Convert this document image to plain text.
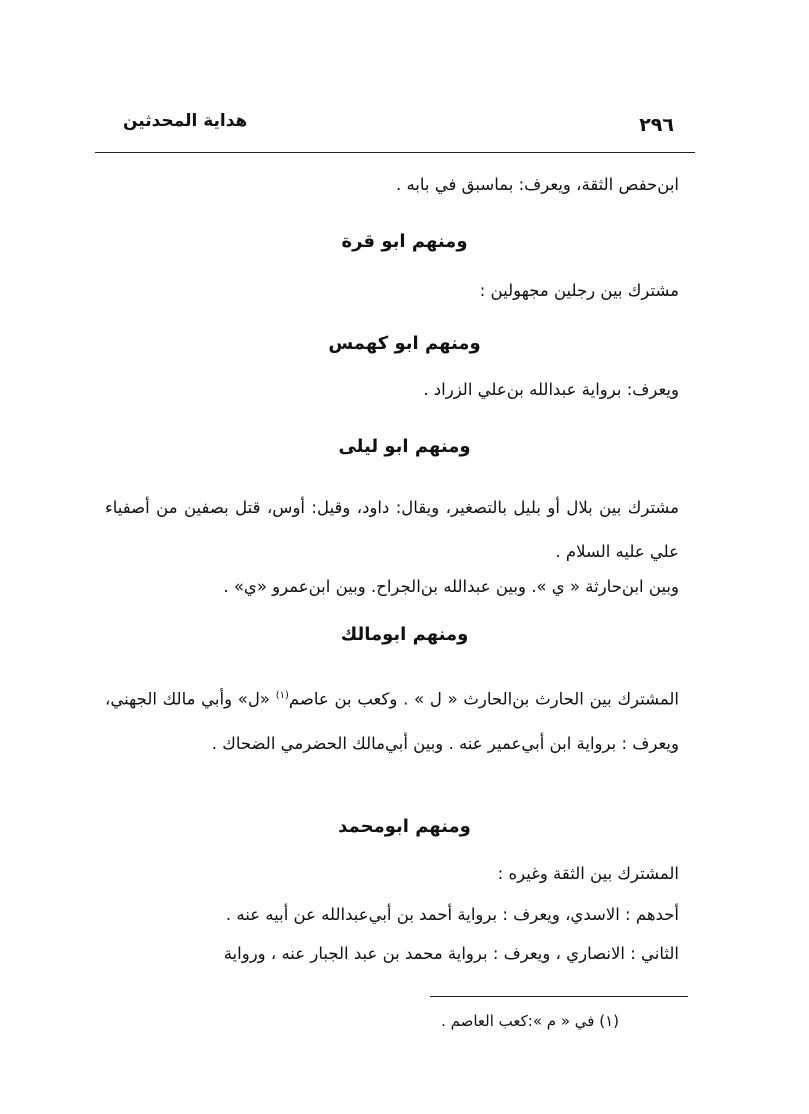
هداية المحدثين	٢٩٦
ابن‌حفص الثقة، ويعرف: بماسبق في بابه .
ومنهم ابو قرة
مشترك بين رجلين مجهولين :
ومنهم ابو كهمس
ويعرف: برواية عبدالله بن‌علي الزراد .
ومنهم ابو ليلى
مشترك بين بلال أو بليل بالتصغير، ويقال: داود، وقيل: أوس، قتل بصفين من أصفياء علي عليه السلام .
وبين ابن‌حارثة « ي ». وبين عبدالله بن‌الجراح. وبين ابن‌عمرو «ي» .
ومنهم ابومالك
المشترك بين الحارث بن‌الحارث « ل » . وكعب بن عاصم$^{(١)}$ «ل» وأبي مالك الجهني، ويعرف : برواية ابن أبي‌عمير عنه . وبين أبي‌مالك الحضرمي الضحاك .
ومنهم ابومحمد
المشترك بين الثقة وغيره :
أحدهم : الاسدي، ويعرف : برواية أحمد بن أبي‌عبدالله عن أبيه عنه .
الثاني : الانصاري ، ويعرف : برواية محمد بن عبد الجبار عنه ، ورواية
(١) في « م »:كعب العاصم .
